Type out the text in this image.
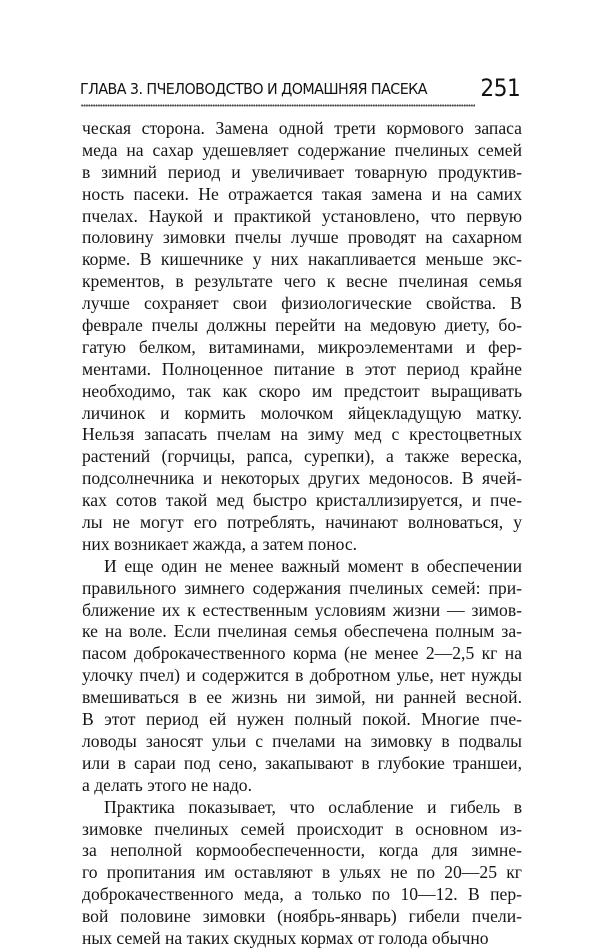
ГЛАВА 3. ПЧЕЛОВОДСТВО И ДОМАШНЯЯ ПАСЕКА 251
ческая сторона. Замена одной трети кормового запаса
меда на сахар удешевляет содержание пчелиных семей
в зимний период и увеличивает товарную продуктив-
ность пасеки. Не отражается такая замена и на самих
пчелах. Наукой и практикой установлено, что первую
половину зимовки пчелы лучше проводят на сахарном
корме. В кишечнике у них накапливается меньше экс-
крементов, в результате чего к весне пчелиная семья
лучше сохраняет свои физиологические свойства. В
феврале пчелы должны перейти на медовую диету, бо-
гатую белком, витаминами, микроэлементами и фер-
ментами. Полноценное питание в этот период крайне
необходимо, так как скоро им предстоит выращивать
личинок и кормить молочком яйцекладущую матку.
Нельзя запасать пчелам на зиму мед с крестоцветных
растений (горчицы, рапса, сурепки), а также вереска,
подсолнечника и некоторых других медоносов. В ячей-
ках сотов такой мед быстро кристаллизируется, и пче-
лы не могут его потреблять, начинают волноваться, у
них возникает жажда, а затем понос.
И еще один не менее важный момент в обеспечении
правильного зимнего содержания пчелиных семей: при-
ближение их к естественным условиям жизни — зимов-
ке на воле. Если пчелиная семья обеспечена полным за-
пасом доброкачественного корма (не менее 2—2,5 кг на
улочку пчел) и содержится в добротном улье, нет нужды
вмешиваться в ее жизнь ни зимой, ни ранней весной.
В этот период ей нужен полный покой. Многие пче-
ловоды заносят ульи с пчелами на зимовку в подвалы
или в сараи под сено, закапывают в глубокие траншеи,
а делать этого не надо.
Практика показывает, что ослабление и гибель в
зимовке пчелиных семей происходит в основном из-
за неполной кормообеспеченности, когда для зимне-
го пропитания им оставляют в ульях не по 20—25 кг
доброкачественного меда, а только по 10—12. В пер-
вой половине зимовки (ноябрь-январь) гибели пчели-
ных семей на таких скудных кормах от голода обычно
